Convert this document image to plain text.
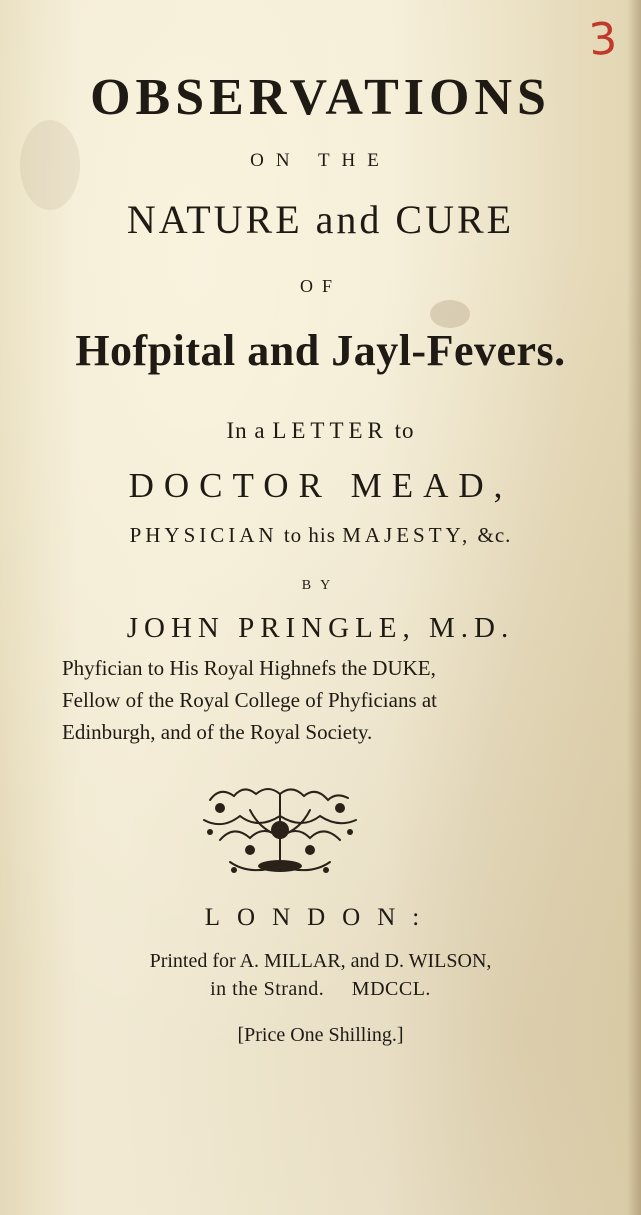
3
OBSERVATIONS
ON THE
NATURE and CURE
OF
Hofpital and Jayl-Fevers.
In a LETTER to
DOCTOR MEAD,
PHYSICIAN to his MAJESTY, &c.
BY
JOHN PRINGLE, M.D.
Phyfician to His Royal Highnefs the DUKE,
Fellow of the Royal College of Phyficians at
Edinburgh, and of the Royal Society.
LONDON:
Printed for A. MILLAR, and D. WILSON,
in the Strand.     MDCCL.
[Price One Shilling.]
